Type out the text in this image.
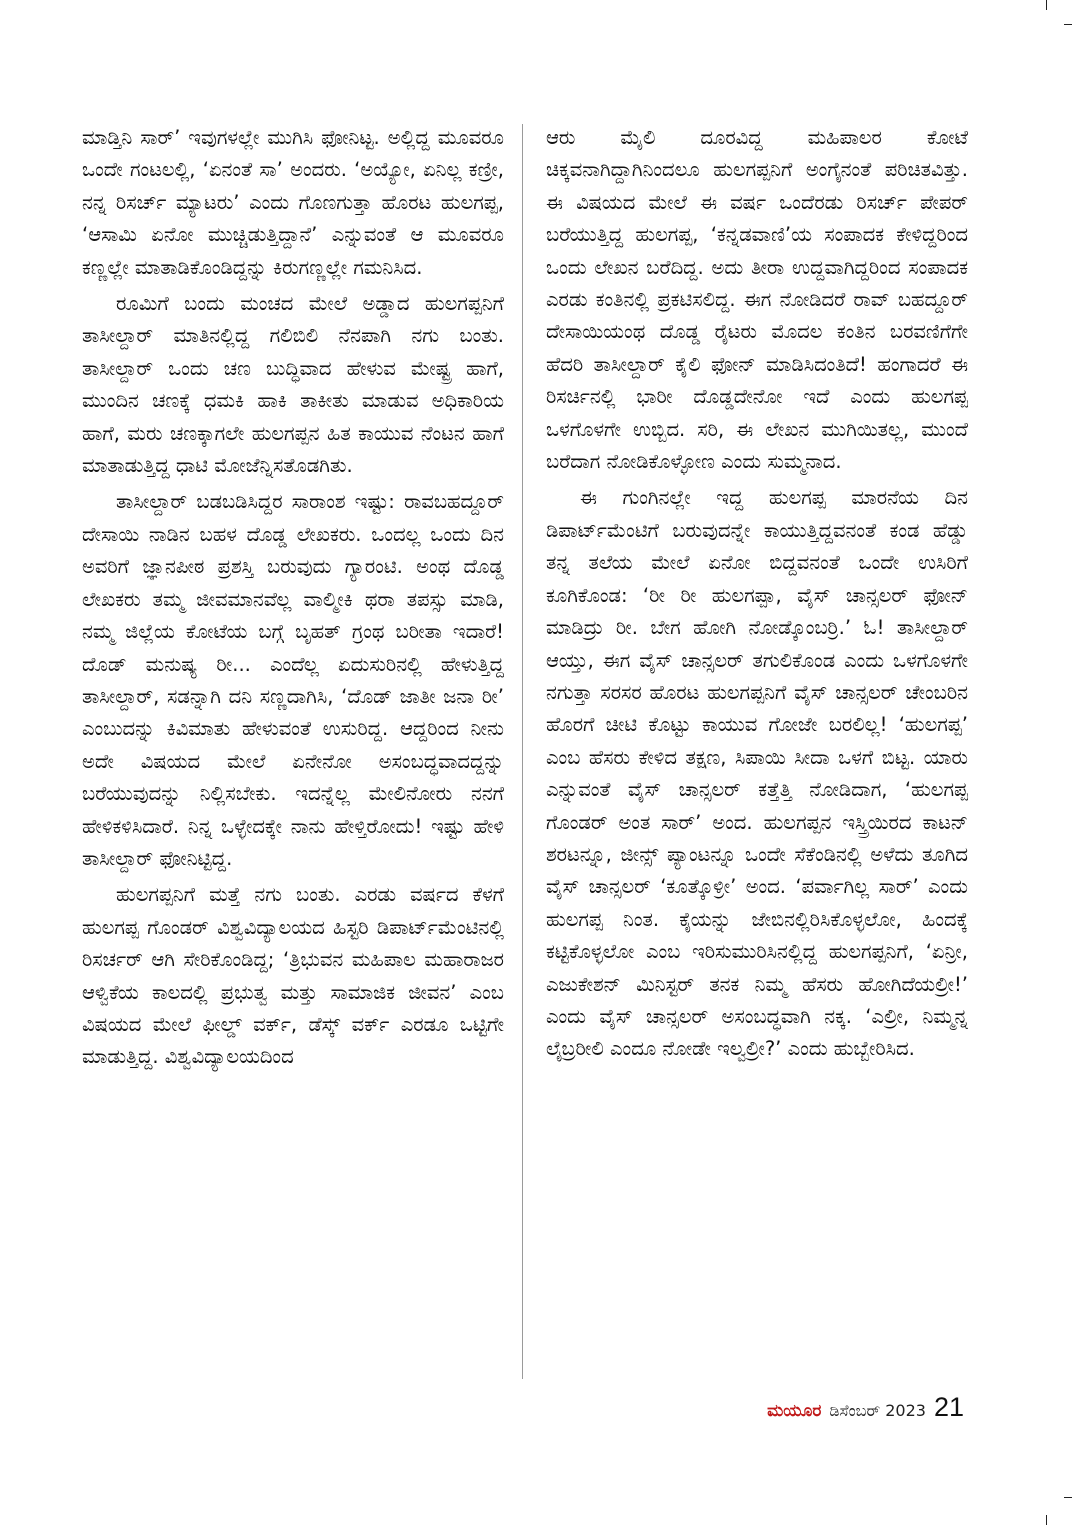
ಮಾಡ್ತಿನಿ ಸಾರ್’ ಇವುಗಳಲ್ಲೇ ಮುಗಿಸಿ ಫೋನಿಟ್ಟ. ಅಲ್ಲಿದ್ದ ಮೂವರೂ ಒಂದೇ ಗಂಟಲಲ್ಲಿ, ‘ಏನಂತೆ ಸಾ’ ಅಂದರು. ‘ಅಯ್ಯೋ, ಏನಿಲ್ಲ ಕಣ್ರೀ, ನನ್ನ ರಿಸರ್ಚ್ ಮ್ಯಾಟರು’ ಎಂದು ಗೊಣಗುತ್ತಾ ಹೊರಟ ಹುಲಗಪ್ಪ, ‘ಆಸಾಮಿ ಏನೋ ಮುಚ್ಚಿಡುತ್ತಿದ್ದಾನೆ’ ಎನ್ನುವಂತೆ ಆ ಮೂವರೂ ಕಣ್ಣಲ್ಲೇ ಮಾತಾಡಿಕೊಂಡಿದ್ದನ್ನು ಕಿರುಗಣ್ಣಲ್ಲೇ ಗಮನಿಸಿದ.

ರೂಮಿಗೆ ಬಂದು ಮಂಚದ ಮೇಲೆ ಅಡ್ಡಾದ ಹುಲಗಪ್ಪನಿಗೆ ತಾಸೀಲ್ದಾರ್ ಮಾತಿನಲ್ಲಿದ್ದ ಗಲಿಬಿಲಿ ನೆನಪಾಗಿ ನಗು ಬಂತು. ತಾಸೀಲ್ದಾರ್ ಒಂದು ಚಣ ಬುದ್ಧಿವಾದ ಹೇಳುವ ಮೇಷ್ಟ್ರ ಹಾಗೆ, ಮುಂದಿನ ಚಣಕ್ಕೆ ಧಮಕಿ ಹಾಕಿ ತಾಕೀತು ಮಾಡುವ ಅಧಿಕಾರಿಯ ಹಾಗೆ, ಮರು ಚಣಕ್ಕಾಗಲೇ ಹುಲಗಪ್ಪನ ಹಿತ ಕಾಯುವ ನೆಂಟನ ಹಾಗೆ ಮಾತಾಡುತ್ತಿದ್ದ ಧಾಟಿ ಮೋಜೆನ್ನಿಸತೊಡಗಿತು.

ತಾಸೀಲ್ದಾರ್ ಬಡಬಡಿಸಿದ್ದರ ಸಾರಾಂಶ ಇಷ್ಟು: ರಾವಬಹದ್ದೂರ್ ದೇಸಾಯಿ ನಾಡಿನ ಬಹಳ ದೊಡ್ಡ ಲೇಖಕರು. ಒಂದಲ್ಲ ಒಂದು ದಿನ ಅವರಿಗೆ ಜ್ಞಾನಪೀಠ ಪ್ರಶಸ್ತಿ ಬರುವುದು ಗ್ಯಾರಂಟಿ. ಅಂಥ ದೊಡ್ಡ ಲೇಖಕರು ತಮ್ಮ ಜೀವಮಾನವೆಲ್ಲ ವಾಲ್ಮೀಕಿ ಥರಾ ತಪಸ್ಸು ಮಾಡಿ, ನಮ್ಮ ಜಿಲ್ಲೆಯ ಕೋಟೆಯ ಬಗ್ಗೆ ಬೃಹತ್ ಗ್ರಂಥ ಬರೀತಾ ಇದಾರೆ! ದೊಡ್ ಮನುಷ್ಯ ರೀ... ಎಂದೆಲ್ಲ ಏದುಸುರಿನಲ್ಲಿ ಹೇಳುತ್ತಿದ್ದ ತಾಸೀಲ್ದಾರ್, ಸಡನ್ನಾಗಿ ದನಿ ಸಣ್ಣದಾಗಿಸಿ, ‘ದೊಡ್ ಜಾತೀ ಜನಾ ರೀ’ ಎಂಬುದನ್ನು ಕಿವಿಮಾತು ಹೇಳುವಂತೆ ಉಸುರಿದ್ದ. ಆದ್ದರಿಂದ ನೀನು ಅದೇ ವಿಷಯದ ಮೇಲೆ ಏನೇನೋ ಅಸಂಬದ್ಧವಾದದ್ದನ್ನು ಬರೆಯುವುದನ್ನು ನಿಲ್ಲಿಸಬೇಕು. ಇದನ್ನೆಲ್ಲ ಮೇಲಿನೋರು ನನಗೆ ಹೇಳಿಕಳಿಸಿದಾರೆ. ನಿನ್ನ ಒಳ್ಳೇದಕ್ಕೇ ನಾನು ಹೇಳ್ತಿರೋದು! ಇಷ್ಟು ಹೇಳಿ ತಾಸೀಲ್ದಾರ್ ಫೋನಿಟ್ಟಿದ್ದ.

ಹುಲಗಪ್ಪನಿಗೆ ಮತ್ತೆ ನಗು ಬಂತು. ಎರಡು ವರ್ಷದ ಕೆಳಗೆ ಹುಲಗಪ್ಪ ಗೊಂಡರ್ ವಿಶ್ವವಿದ್ಯಾಲಯದ ಹಿಸ್ಟರಿ ಡಿಪಾರ್ಟ್‌ಮೆಂಟಿನಲ್ಲಿ ರಿಸರ್ಚರ್ ಆಗಿ ಸೇರಿಕೊಂಡಿದ್ದ; ‘ತ್ರಿಭುವನ ಮಹಿಪಾಲ ಮಹಾರಾಜರ ಆಳ್ವಿಕೆಯ ಕಾಲದಲ್ಲಿ ಪ್ರಭುತ್ವ ಮತ್ತು ಸಾಮಾಜಿಕ ಜೀವನ’ ಎಂಬ ವಿಷಯದ ಮೇಲೆ ಫೀಲ್ಡ್ ವರ್ಕ್, ಡೆಸ್ಕ್ ವರ್ಕ್ ಎರಡೂ ಒಟ್ಟಿಗೇ ಮಾಡುತ್ತಿದ್ದ. ವಿಶ್ವವಿದ್ಯಾಲಯದಿಂದ

ಆರು ಮೈಲಿ ದೂರವಿದ್ದ ಮಹಿಪಾಲರ ಕೋಟೆ ಚಿಕ್ಕವನಾಗಿದ್ದಾಗಿನಿಂದಲೂ ಹುಲಗಪ್ಪನಿಗೆ ಅಂಗೈನಂತೆ ಪರಿಚಿತವಿತ್ತು. ಈ ವಿಷಯದ ಮೇಲೆ ಈ ವರ್ಷ ಒಂದೆರಡು ರಿಸರ್ಚ್ ಪೇಪರ್ ಬರೆಯುತ್ತಿದ್ದ ಹುಲಗಪ್ಪ, ‘ಕನ್ನಡವಾಣಿ’ಯ ಸಂಪಾದಕ ಕೇಳಿದ್ದರಿಂದ ಒಂದು ಲೇಖನ ಬರೆದಿದ್ದ. ಅದು ತೀರಾ ಉದ್ದವಾಗಿದ್ದರಿಂದ ಸಂಪಾದಕ ಎರಡು ಕಂತಿನಲ್ಲಿ ಪ್ರಕಟಿಸಲಿದ್ದ. ಈಗ ನೋಡಿದರೆ ರಾವ್ ಬಹದ್ದೂರ್ ದೇಸಾಯಿಯಂಥ ದೊಡ್ಡ ರೈಟರು ಮೊದಲ ಕಂತಿನ ಬರವಣಿಗೆಗೇ ಹೆದರಿ ತಾಸೀಲ್ದಾರ್ ಕೈಲಿ ಫೋನ್ ಮಾಡಿಸಿದಂತಿದೆ! ಹಂಗಾದರೆ ಈ ರಿಸರ್ಚಿನಲ್ಲಿ ಭಾರೀ ದೊಡ್ಡದೇನೋ ಇದೆ ಎಂದು ಹುಲಗಪ್ಪ ಒಳಗೊಳಗೇ ಉಬ್ಬಿದ. ಸರಿ, ಈ ಲೇಖನ ಮುಗಿಯಿತಲ್ಲ, ಮುಂದೆ ಬರೆದಾಗ ನೋಡಿಕೊಳ್ಳೋಣ ಎಂದು ಸುಮ್ಮನಾದ.

ಈ ಗುಂಗಿನಲ್ಲೇ ಇದ್ದ ಹುಲಗಪ್ಪ ಮಾರನೆಯ ದಿನ ಡಿಪಾರ್ಟ್‌ಮೆಂಟಿಗೆ ಬರುವುದನ್ನೇ ಕಾಯುತ್ತಿದ್ದವನಂತೆ ಕಂಡ ಹೆಡ್ಡು ತನ್ನ ತಲೆಯ ಮೇಲೆ ಏನೋ ಬಿದ್ದವನಂತೆ ಒಂದೇ ಉಸಿರಿಗೆ ಕೂಗಿಕೊಂಡ: ‘ರೀ ರೀ ಹುಲಗಪ್ಪಾ, ವೈಸ್ ಚಾನ್ಸಲರ್ ಫೋನ್ ಮಾಡಿದ್ರು ರೀ. ಬೇಗ ಹೋಗಿ ನೋಡ್ಕೊಂಬರ್ರಿ.’ ಓ! ತಾಸೀಲ್ದಾರ್ ಆಯ್ತು, ಈಗ ವೈಸ್ ಚಾನ್ಸಲರ್ ತಗುಲಿಕೊಂಡ ಎಂದು ಒಳಗೊಳಗೇ ನಗುತ್ತಾ ಸರಸರ ಹೊರಟ ಹುಲಗಪ್ಪನಿಗೆ ವೈಸ್ ಚಾನ್ಸಲರ್ ಚೇಂಬರಿನ ಹೊರಗೆ ಚೀಟಿ ಕೊಟ್ಟು ಕಾಯುವ ಗೋಜೇ ಬರಲಿಲ್ಲ! ‘ಹುಲಗಪ್ಪ’ ಎಂಬ ಹೆಸರು ಕೇಳಿದ ತಕ್ಷಣ, ಸಿಪಾಯಿ ಸೀದಾ ಒಳಗೆ ಬಿಟ್ಟ. ಯಾರು ಎನ್ನುವಂತೆ ವೈಸ್ ಚಾನ್ಸಲರ್ ಕತ್ತೆತ್ತಿ ನೋಡಿದಾಗ, ‘ಹುಲಗಪ್ಪ ಗೊಂಡರ್ ಅಂತ ಸಾರ್’ ಅಂದ. ಹುಲಗಪ್ಪನ ಇಸ್ತ್ರಿಯಿರದ ಕಾಟನ್ ಶರಟನ್ನೂ, ಜೀನ್ಸ್ ಪ್ಯಾಂಟನ್ನೂ ಒಂದೇ ಸೆಕೆಂಡಿನಲ್ಲಿ ಅಳೆದು ತೂಗಿದ ವೈಸ್ ಚಾನ್ಸಲರ್ ‘ಕೂತ್ಕೊಳ್ರೀ’ ಅಂದ. ‘ಪರ್ವಾಗಿಲ್ಲ ಸಾರ್’ ಎಂದು ಹುಲಗಪ್ಪ ನಿಂತ. ಕೈಯನ್ನು ಜೇಬಿನಲ್ಲಿರಿಸಿಕೊಳ್ಳಲೋ, ಹಿಂದಕ್ಕೆ ಕಟ್ಟಿಕೊಳ್ಳಲೋ ಎಂಬ ಇರಿಸುಮುರಿಸಿನಲ್ಲಿದ್ದ ಹುಲಗಪ್ಪನಿಗೆ, ‘ಏನ್ರೀ, ಎಜುಕೇಶನ್ ಮಿನಿಸ್ಟರ್ ತನಕ ನಿಮ್ಮ ಹೆಸರು ಹೋಗಿದೆಯಲ್ರೀ!’ ಎಂದು ವೈಸ್ ಚಾನ್ಸಲರ್ ಅಸಂಬದ್ಧವಾಗಿ ನಕ್ಕ. ‘ಎಲ್ರೀ, ನಿಮ್ಮನ್ನ ಲೈಬ್ರರೀಲಿ ಎಂದೂ ನೋಡೇ ಇಲ್ವಲ್ರೀ?’ ಎಂದು ಹುಬ್ಬೇರಿಸಿದ.

ಮಯೂರ ಡಿಸೆಂಬರ್ 2023 21
